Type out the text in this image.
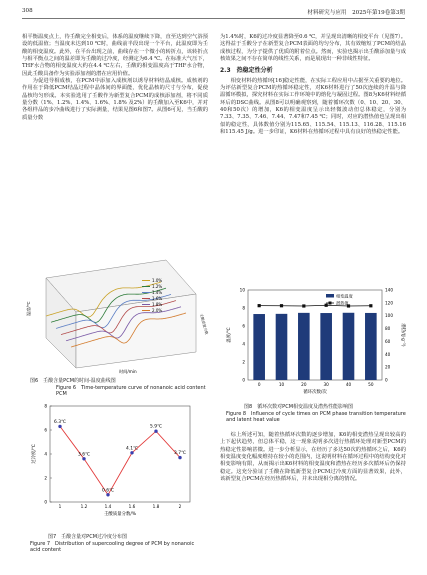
308	材料研究与应用　2025年第19卷第3期

相平衡温度点上，待壬酸完全相变后，体系的温度继续下降，直至达到空气浴预设的低温值；当温度未达到10 ℃时，曲线前半段出现一个平台，此温度即为壬酸的相变温度。此外，在平台出现之前，曲线存在一个微小的转折点，该转折点与相平衡点之间的温差即为壬酸的过冷度，经测定为6.4 ℃。在标准大气压下，THF水合物的相变温度大约在4.4 ℃左右，壬酸的相变温度高于THF水合物，因此壬酸具备作为实验添加剂的潜在应用价值。

为促进导相成核，在PCM中添加入成核剂以诱导材料结晶成核。成核剂的作用在于降低PCM结晶过程中晶体间的界面能，优化晶核的尺寸与分布，促使晶核均匀形成。本实验选用了壬酸作为新型复合PCM的成核添加剂，将不同质量分数（1%、1.2%、1.4%、1.6%、1.8% 及2%）的壬酸加入至K6中，并对各组样品的步冷曲线进行了实际测量，结果见图6和图7。从图6可见，当壬酸的质量分数

温度/℃
时间/min
壬酸质量分数
1.0%
1.2%
1.4%
1.6%
1.8%
2.0%
图6　壬酸含量PCM的时间-温度曲线图
Figure 6　Time-temperature curve of nonanoic acid content PCM
0
2
4
6
8
6.3℃
1
3.6℃
1.2
0.6℃
1.4
4.1℃
1.6
5.9℃
1.8
3.7℃
2
壬酸质量分数/%
过冷度/℃
图7　壬酸含量对PCM过冷度分布图
Figure 7　Distribution of supercooling degree of PCM by nonanoic acid content

为1.4%时，K6的过冷度显著降至0.6 ℃，并呈现出清晰的相变平台（见图7）。这得益于壬酸分子在新型复合PCM表面的均匀分布，其有效缩短了PCM的结晶成核过程，为分子提供了优质的附着位点。然而，实验也揭示出壬酸添加量与成核效果之间不存在简单的线性关系，而是展现出一种非线性特征。

2.3　热稳定性分析

相变材料的热循环[16]稳定性能，在实际工程应用中占据至关重要的地位。为评估新型复合PCM的热循环稳定性，对K6材料进行了50次连续的升温与降温循环模拟，探究材料在实际工作环境中的熔化与凝固过程。图8为K6材料经循环后的DSC曲线。从图8可以明确观察到，随着循环次数（0、10、20、30、40和50次）的增加，K6的相变温度呈示出轻微波动但总体稳定，分别为7.33、7.35、7.46、7.44、7.47和7.45 ℃；同时，对应的潜热值也呈现出相似的稳定性，具体数值分别为115.65、115.54、115.13、116.28、115.16和115.45 J/g。进一步印证，K6材料在热循环过程中具有良好的热稳定性能。

0
2
4
6
8
10
0
20
40
60
80
100
120
140
0	10	20	30	40	50
相变温度
潜热值
循环次数/次
温度/℃	潜热/(J·g⁻¹)
图8　循环次数对PCM相变温度及潜热性能影响图
Figure 8　Influence of cycle times on PCM phase transition temperature and latent heat value

综上所述可知，随着热循环次数的逐步增加，K6的相变潜热呈现出较高的上下起伏趋势，但总体平稳，这一现象说明多次进行热循环处理对新型PCM的热稳定性影响甚微。进一步分析显示，在经历了多达50次的热循环之后，K6的相变温度变化幅度维持在较小的范围内，这说明材料在循环过程中的结构变化对相变影响有限，从而揭示出K6材料的相变温度和潜热在经历多次循环后仍保持稳定。这充分验证了壬酸在降低新型复合PCM过冷度方面的显著效果，此外，该新型复合PCM在经历热循环后，并未出现相分离的情况。
